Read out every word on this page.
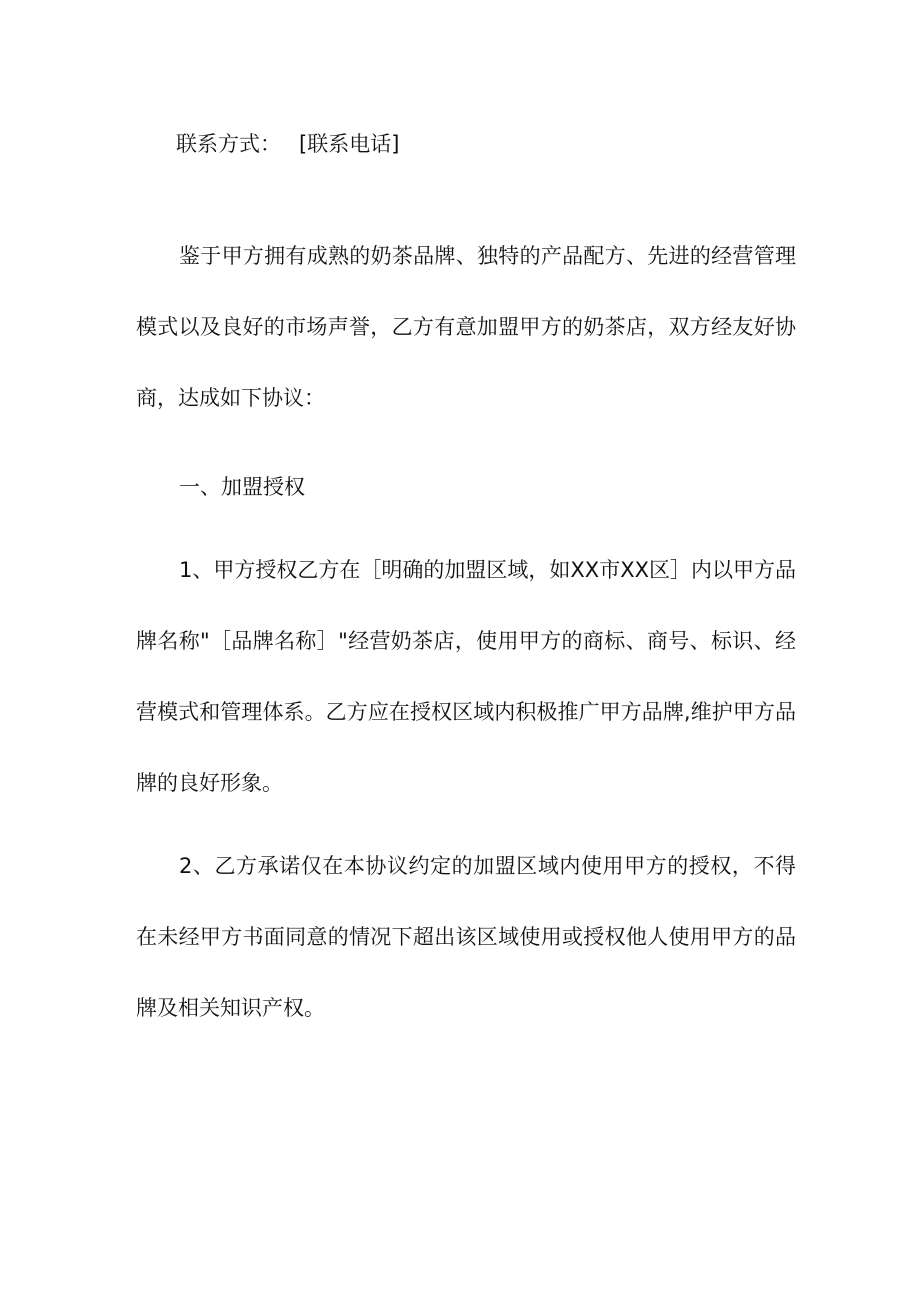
联系方式： [联系电话]

鉴于甲方拥有成熟的奶茶品牌、独特的产品配方、先进的经营管理模式以及良好的市场声誉，乙方有意加盟甲方的奶茶店，双方经友好协商，达成如下协议：

一、加盟授权

1、甲方授权乙方在［明确的加盟区域，如XX市XX区］内以甲方品牌名称"［品牌名称］"经营奶茶店，使用甲方的商标、商号、标识、经营模式和管理体系。乙方应在授权区域内积极推广甲方品牌,维护甲方品牌的良好形象。

2、乙方承诺仅在本协议约定的加盟区域内使用甲方的授权，不得在未经甲方书面同意的情况下超出该区域使用或授权他人使用甲方的品牌及相关知识产权。
